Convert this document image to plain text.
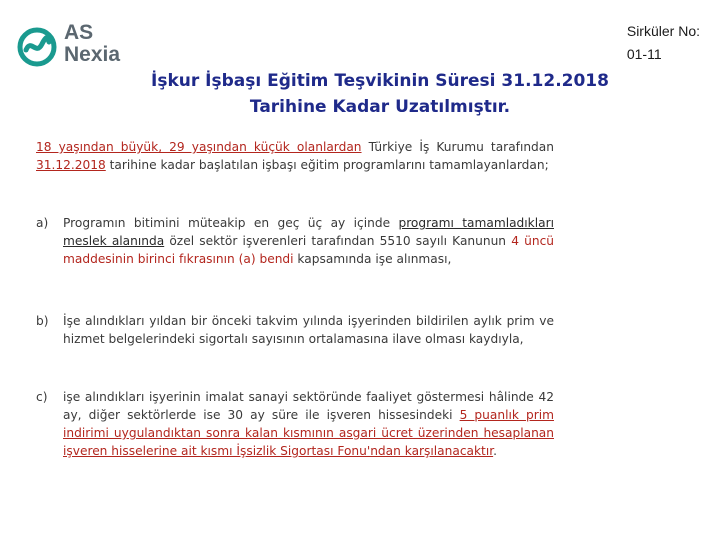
AS
Nexia
Sirküler No:
01-11
İşkur İşbaşı Eğitim Teşvikinin Süresi 31.12.2018
Tarihine Kadar Uzatılmıştır.
18 yaşından büyük, 29 yaşından küçük olanlardan Türkiye İş Kurumu tarafından 31.12.2018 tarihine kadar başlatılan işbaşı eğitim programlarını tamamlayanlardan;
a)	Programın bitimini müteakip en geç üç ay içinde programı tamamladıkları meslek alanında özel sektör işverenleri tarafından 5510 sayılı Kanunun 4 üncü maddesinin birinci fıkrasının (a) bendi kapsamında işe alınması,
b)	İşe alındıkları yıldan bir önceki takvim yılında işyerinden bildirilen aylık prim ve hizmet belgelerindeki sigortalı sayısının ortalamasına ilave olması kaydıyla,
c)	işe alındıkları işyerinin imalat sanayi sektöründe faaliyet göstermesi hâlinde 42 ay, diğer sektörlerde ise 30 ay süre ile işveren hissesindeki 5 puanlık prim indirimi uygulandıktan sonra kalan kısmının asgari ücret üzerinden hesaplanan işveren hisselerine ait kısmı İşsizlik Sigortası Fonu'ndan karşılanacaktır.
